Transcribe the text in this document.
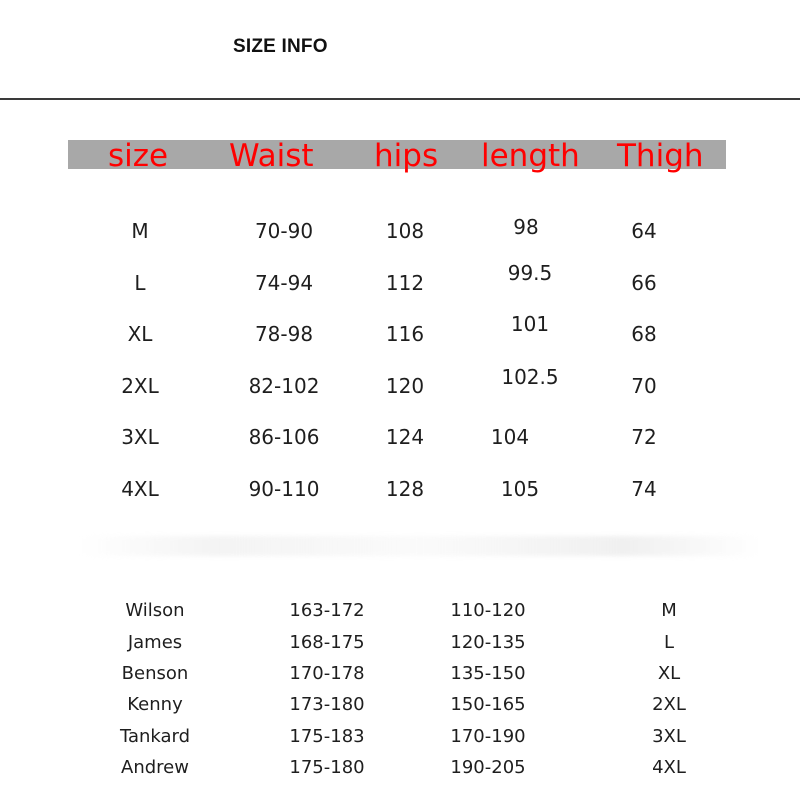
SIZE INFO
size Waist hips length Thigh
M	70-90	108	98	64
L	74-94	112	99.5	66
XL	78-98	116	101	68
2XL	82-102	120	102.5	70
3XL	86-106	124	104	72
4XL	90-110	128	105	74
Wilson	163-172	110-120	M
James	168-175	120-135	L
Benson	170-178	135-150	XL
Kenny	173-180	150-165	2XL
Tankard	175-183	170-190	3XL
Andrew	175-180	190-205	4XL
